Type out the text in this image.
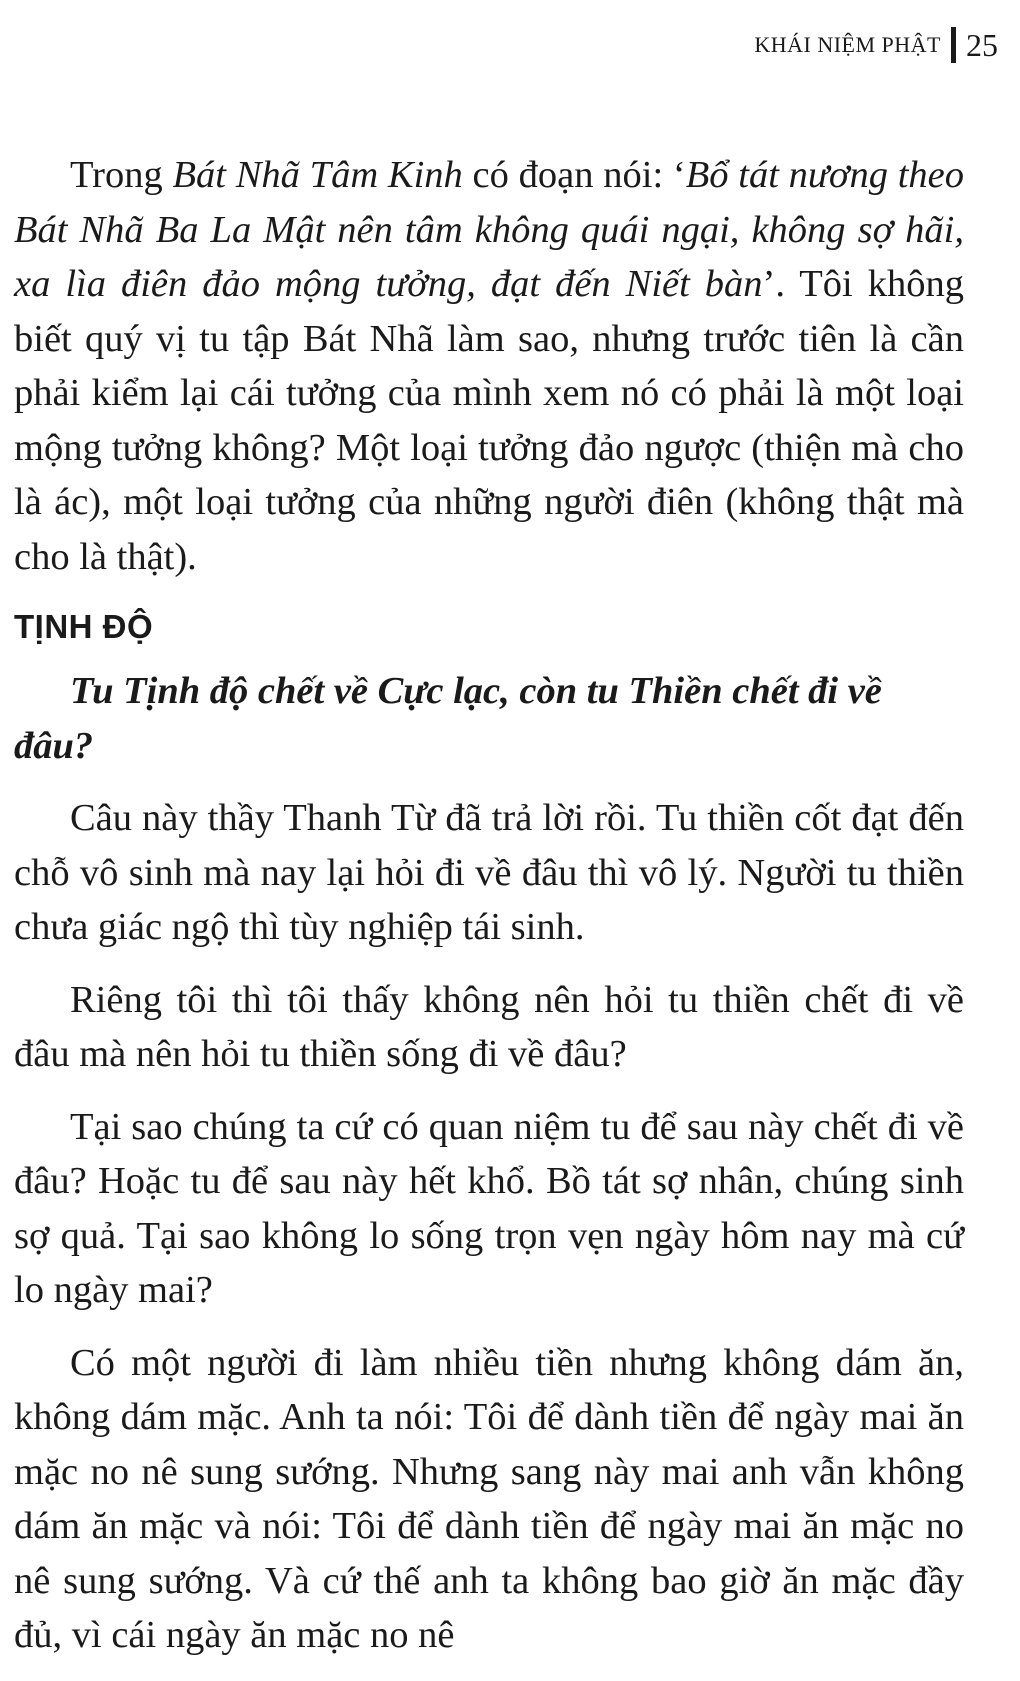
KHÁI NIỆM PHẬT 25

Trong Bát Nhã Tâm Kinh có đoạn nói: ‘Bổ tát nương theo Bát Nhã Ba La Mật nên tâm không quái ngại, không sợ hãi, xa lìa điên đảo mộng tưởng, đạt đến Niết bàn’. Tôi không biết quý vị tu tập Bát Nhã làm sao, nhưng trước tiên là cần phải kiểm lại cái tưởng của mình xem nó có phải là một loại mộng tưởng không? Một loại tưởng đảo ngược (thiện mà cho là ác), một loại tưởng của những người điên (không thật mà cho là thật).

TỊNH ĐỘ

Tu Tịnh độ chết về Cực lạc, còn tu Thiền chết đi về đâu?

Câu này thầy Thanh Từ đã trả lời rồi. Tu thiền cốt đạt đến chỗ vô sinh mà nay lại hỏi đi về đâu thì vô lý. Người tu thiền chưa giác ngộ thì tùy nghiệp tái sinh.

Riêng tôi thì tôi thấy không nên hỏi tu thiền chết đi về đâu mà nên hỏi tu thiền sống đi về đâu?

Tại sao chúng ta cứ có quan niệm tu để sau này chết đi về đâu? Hoặc tu để sau này hết khổ. Bồ tát sợ nhân, chúng sinh sợ quả. Tại sao không lo sống trọn vẹn ngày hôm nay mà cứ lo ngày mai?

Có một người đi làm nhiều tiền nhưng không dám ăn, không dám mặc. Anh ta nói: Tôi để dành tiền để ngày mai ăn mặc no nê sung sướng. Nhưng sang này mai anh vẫn không dám ăn mặc và nói: Tôi để dành tiền để ngày mai ăn mặc no nê sung sướng. Và cứ thế anh ta không bao giờ ăn mặc đầy đủ, vì cái ngày ăn mặc no nê
